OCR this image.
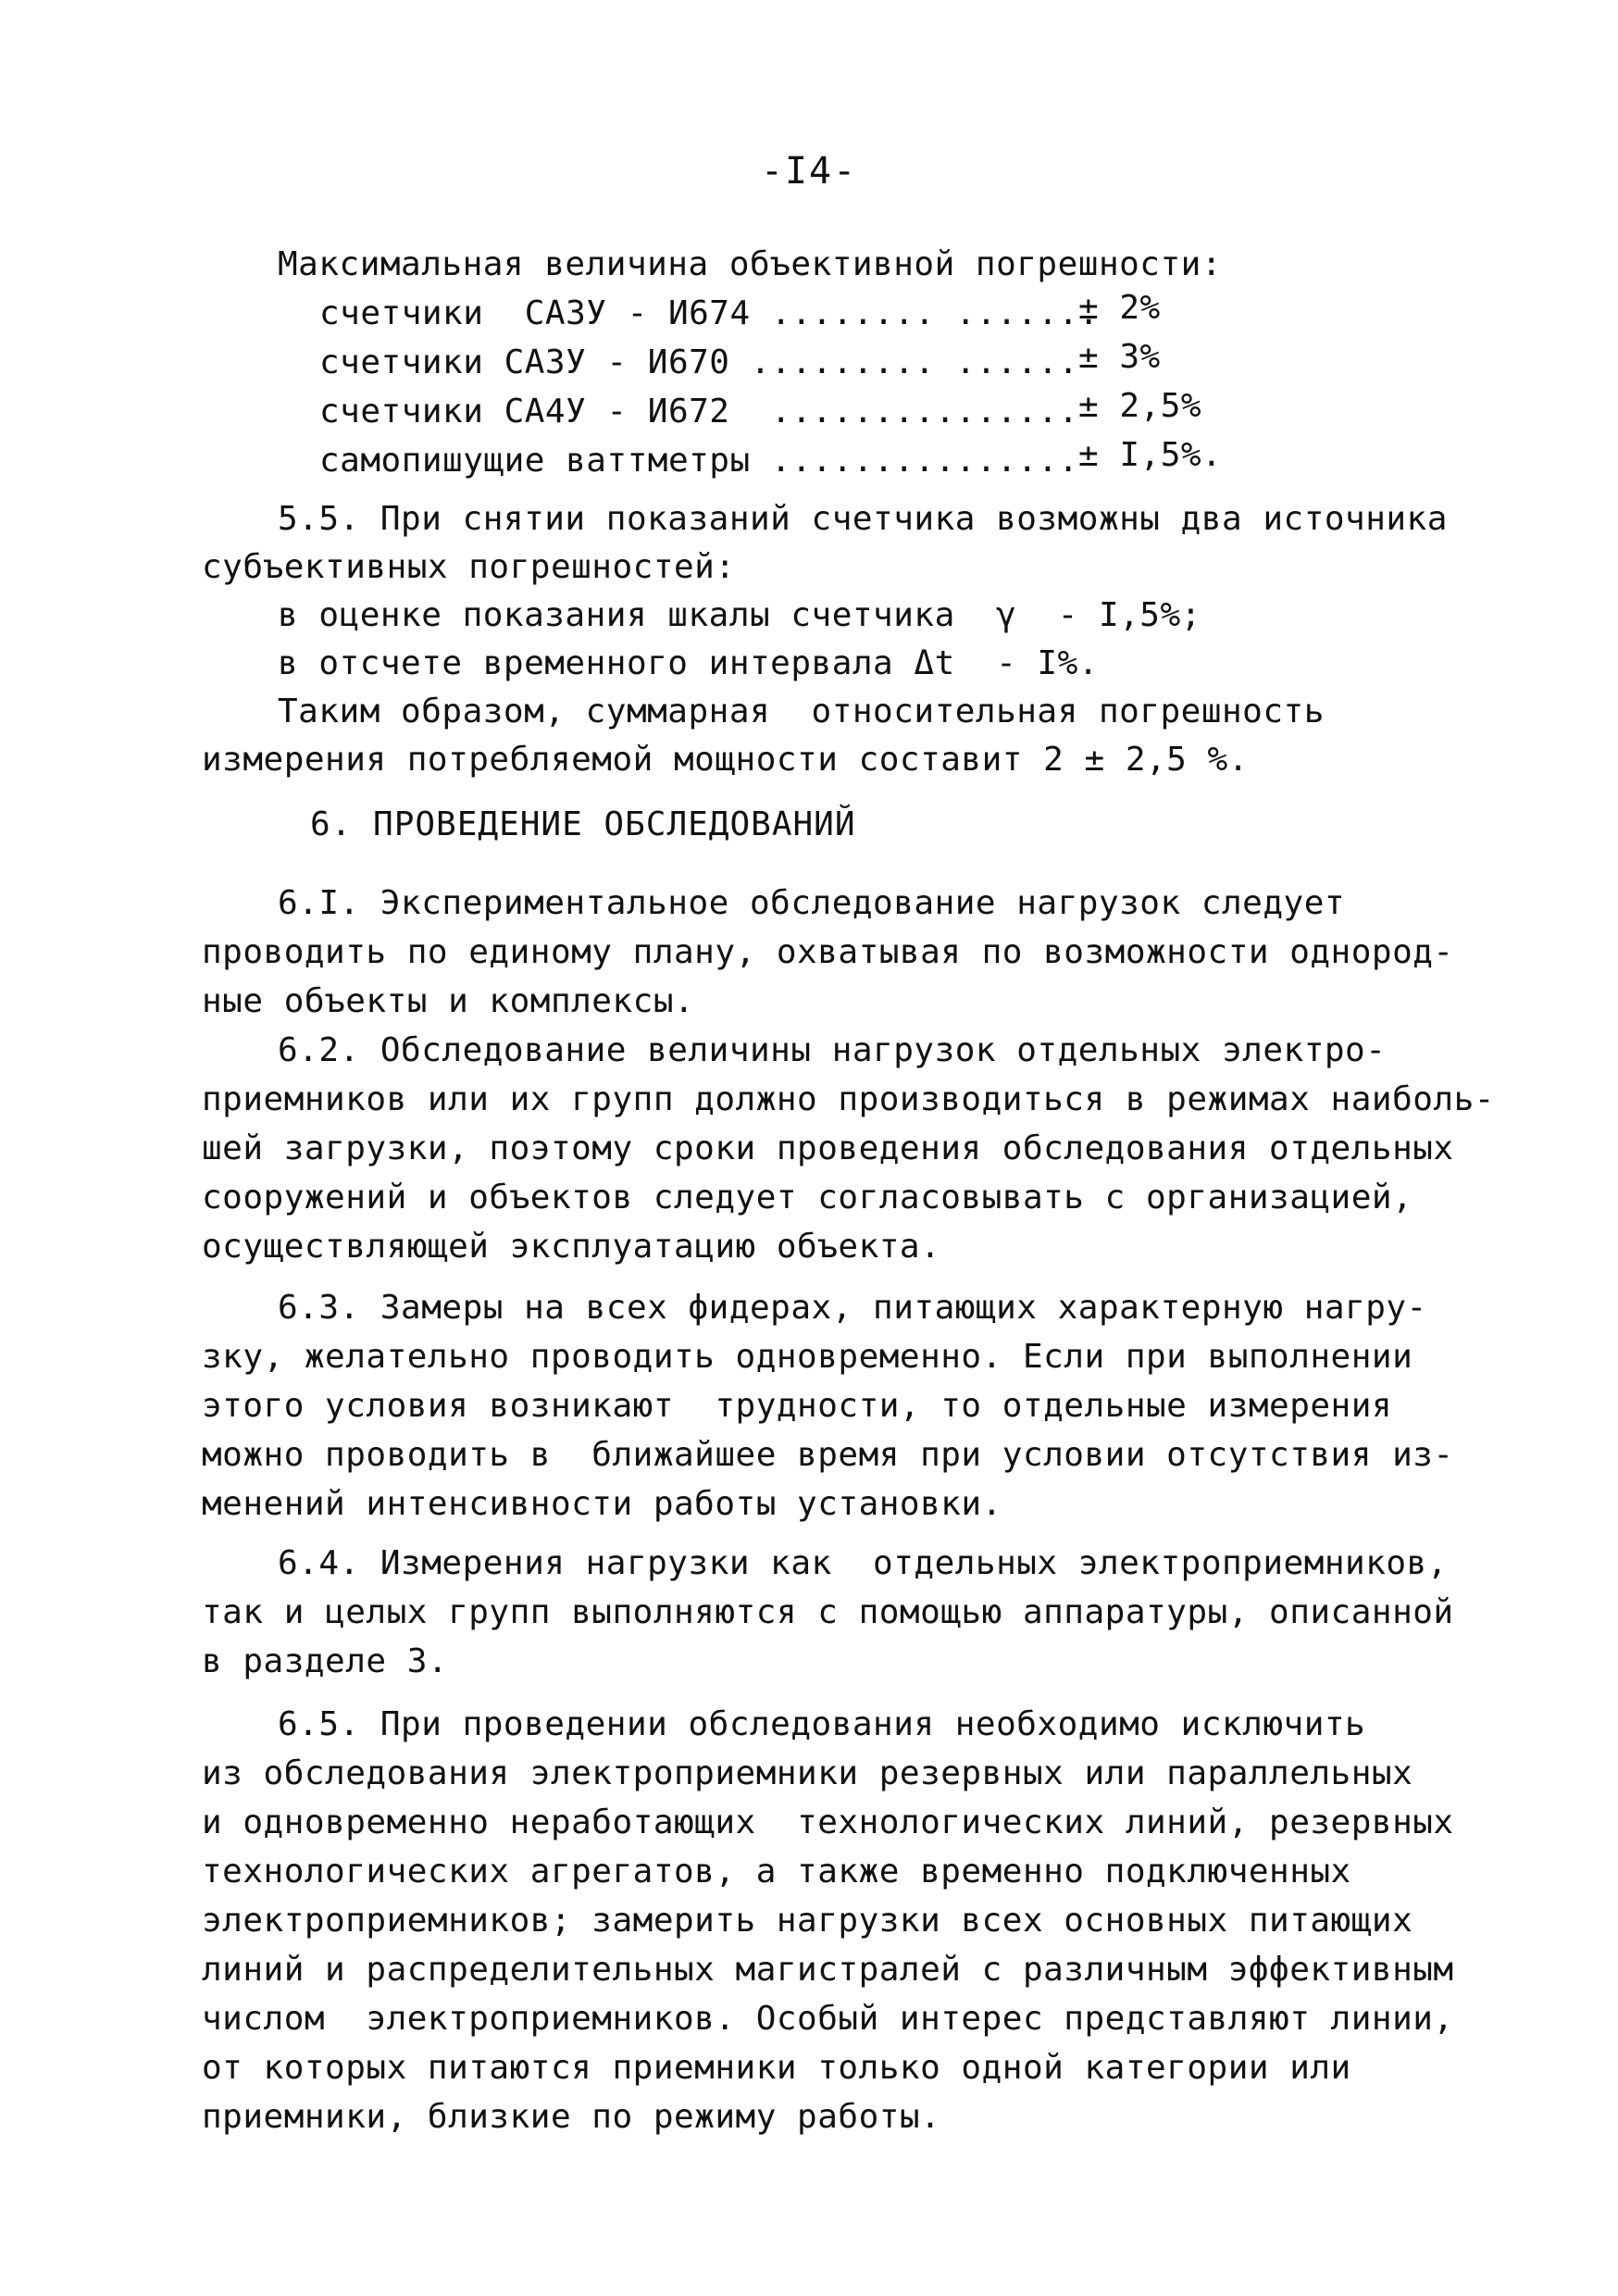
-I4-
Максимальная величина объективной погрешности:
счетчики  САЗУ - И674 ........ .......
± 2%
счетчики САЗУ - И670 ......... ...... ± 3%
счетчики СА4У - И672  ............... ± 2,5%
самопишущие ваттметры ............... ± I,5%.
5.5. При снятии показаний счетчика возможны два источника
субъективных погрешностей:
в оценке показания шкалы счетчика  γ  - I,5%;
в отсчете временного интервала Δt  - I%.
Таким образом, суммарная  относительная погрешность
измерения потребляемой мощности составит 2 ± 2,5 %.
6. ПРОВЕДЕНИЕ ОБСЛЕДОВАНИЙ
6.I. Экспериментальное обследование нагрузок следует
проводить по единому плану, охватывая по возможности однород-
ные объекты и комплексы.
6.2. Обследование величины нагрузок отдельных электро-
приемников или их групп должно производиться в режимах наиболь-
шей загрузки, поэтому сроки проведения обследования отдельных
сооружений и объектов следует согласовывать с организацией,
осуществляющей эксплуатацию объекта.
6.3. Замеры на всех фидерах, питающих характерную нагру-
зку, желательно проводить одновременно. Если при выполнении
этого условия возникают  трудности, то отдельные измерения
можно проводить в  ближайшее время при условии отсутствия из-
менений интенсивности работы установки.
6.4. Измерения нагрузки как  отдельных электроприемников,
так и целых групп выполняются с помощью аппаратуры, описанной
в разделе 3.
6.5. При проведении обследования необходимо исключить
из обследования электроприемники резервных или параллельных
и одновременно неработающих  технологических линий, резервных
технологических агрегатов, а также временно подключенных
электроприемников; замерить нагрузки всех основных питающих
линий и распределительных магистралей с различным эффективным
числом  электроприемников. Особый интерес представляют линии,
от которых питаются приемники только одной категории или
приемники, близкие по режиму работы.
